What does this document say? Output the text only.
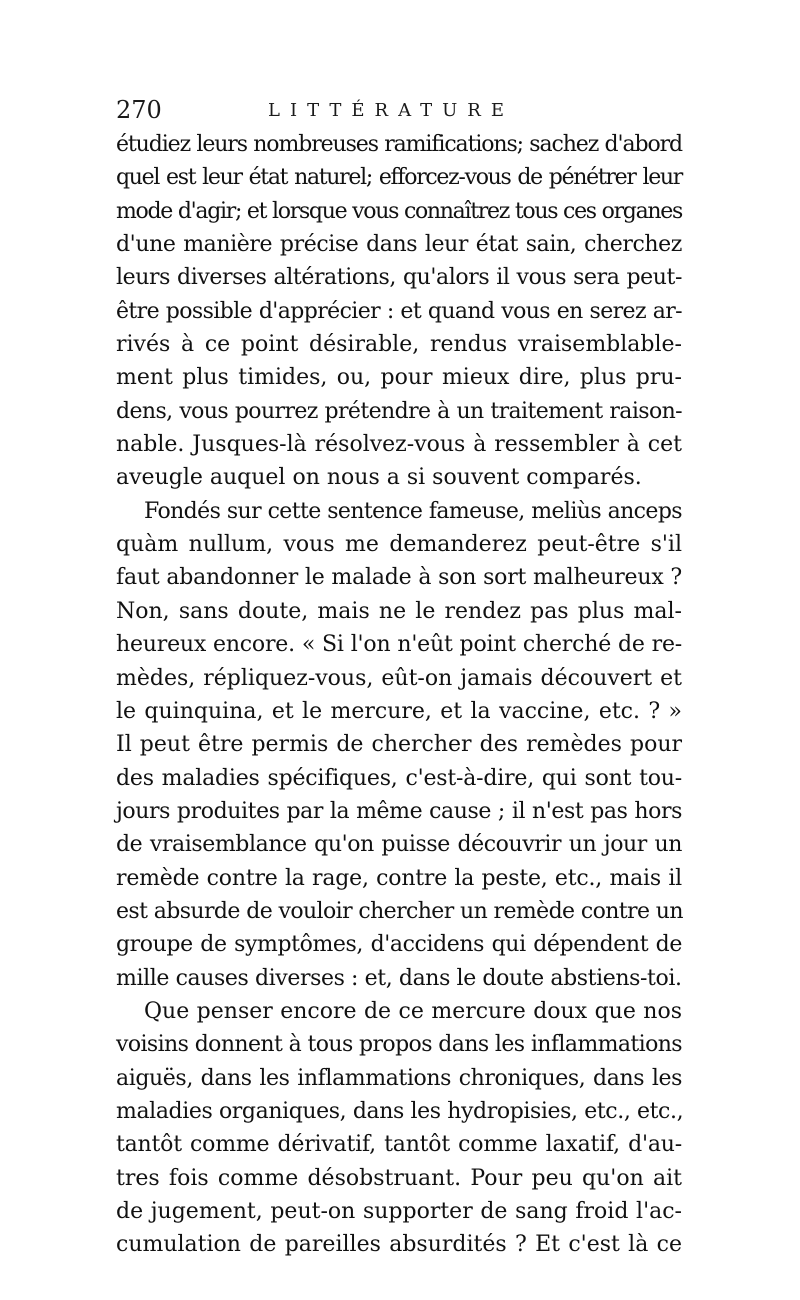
270	LITTÉRATURE
étudiez leurs nombreuses ramifications; sachez d'abord
quel est leur état naturel; efforcez-vous de pénétrer leur
mode d'agir; et lorsque vous connaîtrez tous ces organes
d'une manière précise dans leur état sain, cherchez
leurs diverses altérations, qu'alors il vous sera peut-
être possible d'apprécier : et quand vous en serez ar-
rivés à ce point désirable, rendus vraisemblable-
ment plus timides, ou, pour mieux dire, plus pru-
dens, vous pourrez prétendre à un traitement raison-
nable. Jusques-là résolvez-vous à ressembler à cet
aveugle auquel on nous a si souvent comparés.
Fondés sur cette sentence fameuse, meliùs anceps
quàm nullum, vous me demanderez peut-être s'il
faut abandonner le malade à son sort malheureux ?
Non, sans doute, mais ne le rendez pas plus mal-
heureux encore. « Si l'on n'eût point cherché de re-
mèdes, répliquez-vous, eût-on jamais découvert et
le quinquina, et le mercure, et la vaccine, etc. ? »
Il peut être permis de chercher des remèdes pour
des maladies spécifiques, c'est-à-dire, qui sont tou-
jours produites par la même cause ; il n'est pas hors
de vraisemblance qu'on puisse découvrir un jour un
remède contre la rage, contre la peste, etc., mais il
est absurde de vouloir chercher un remède contre un
groupe de symptômes, d'accidens qui dépendent de
mille causes diverses : et, dans le doute abstiens-toi.
Que penser encore de ce mercure doux que nos
voisins donnent à tous propos dans les inflammations
aiguës, dans les inflammations chroniques, dans les
maladies organiques, dans les hydropisies, etc., etc.,
tantôt comme dérivatif, tantôt comme laxatif, d'au-
tres fois comme désobstruant. Pour peu qu'on ait
de jugement, peut-on supporter de sang froid l'ac-
cumulation de pareilles absurdités ? Et c'est là ce
